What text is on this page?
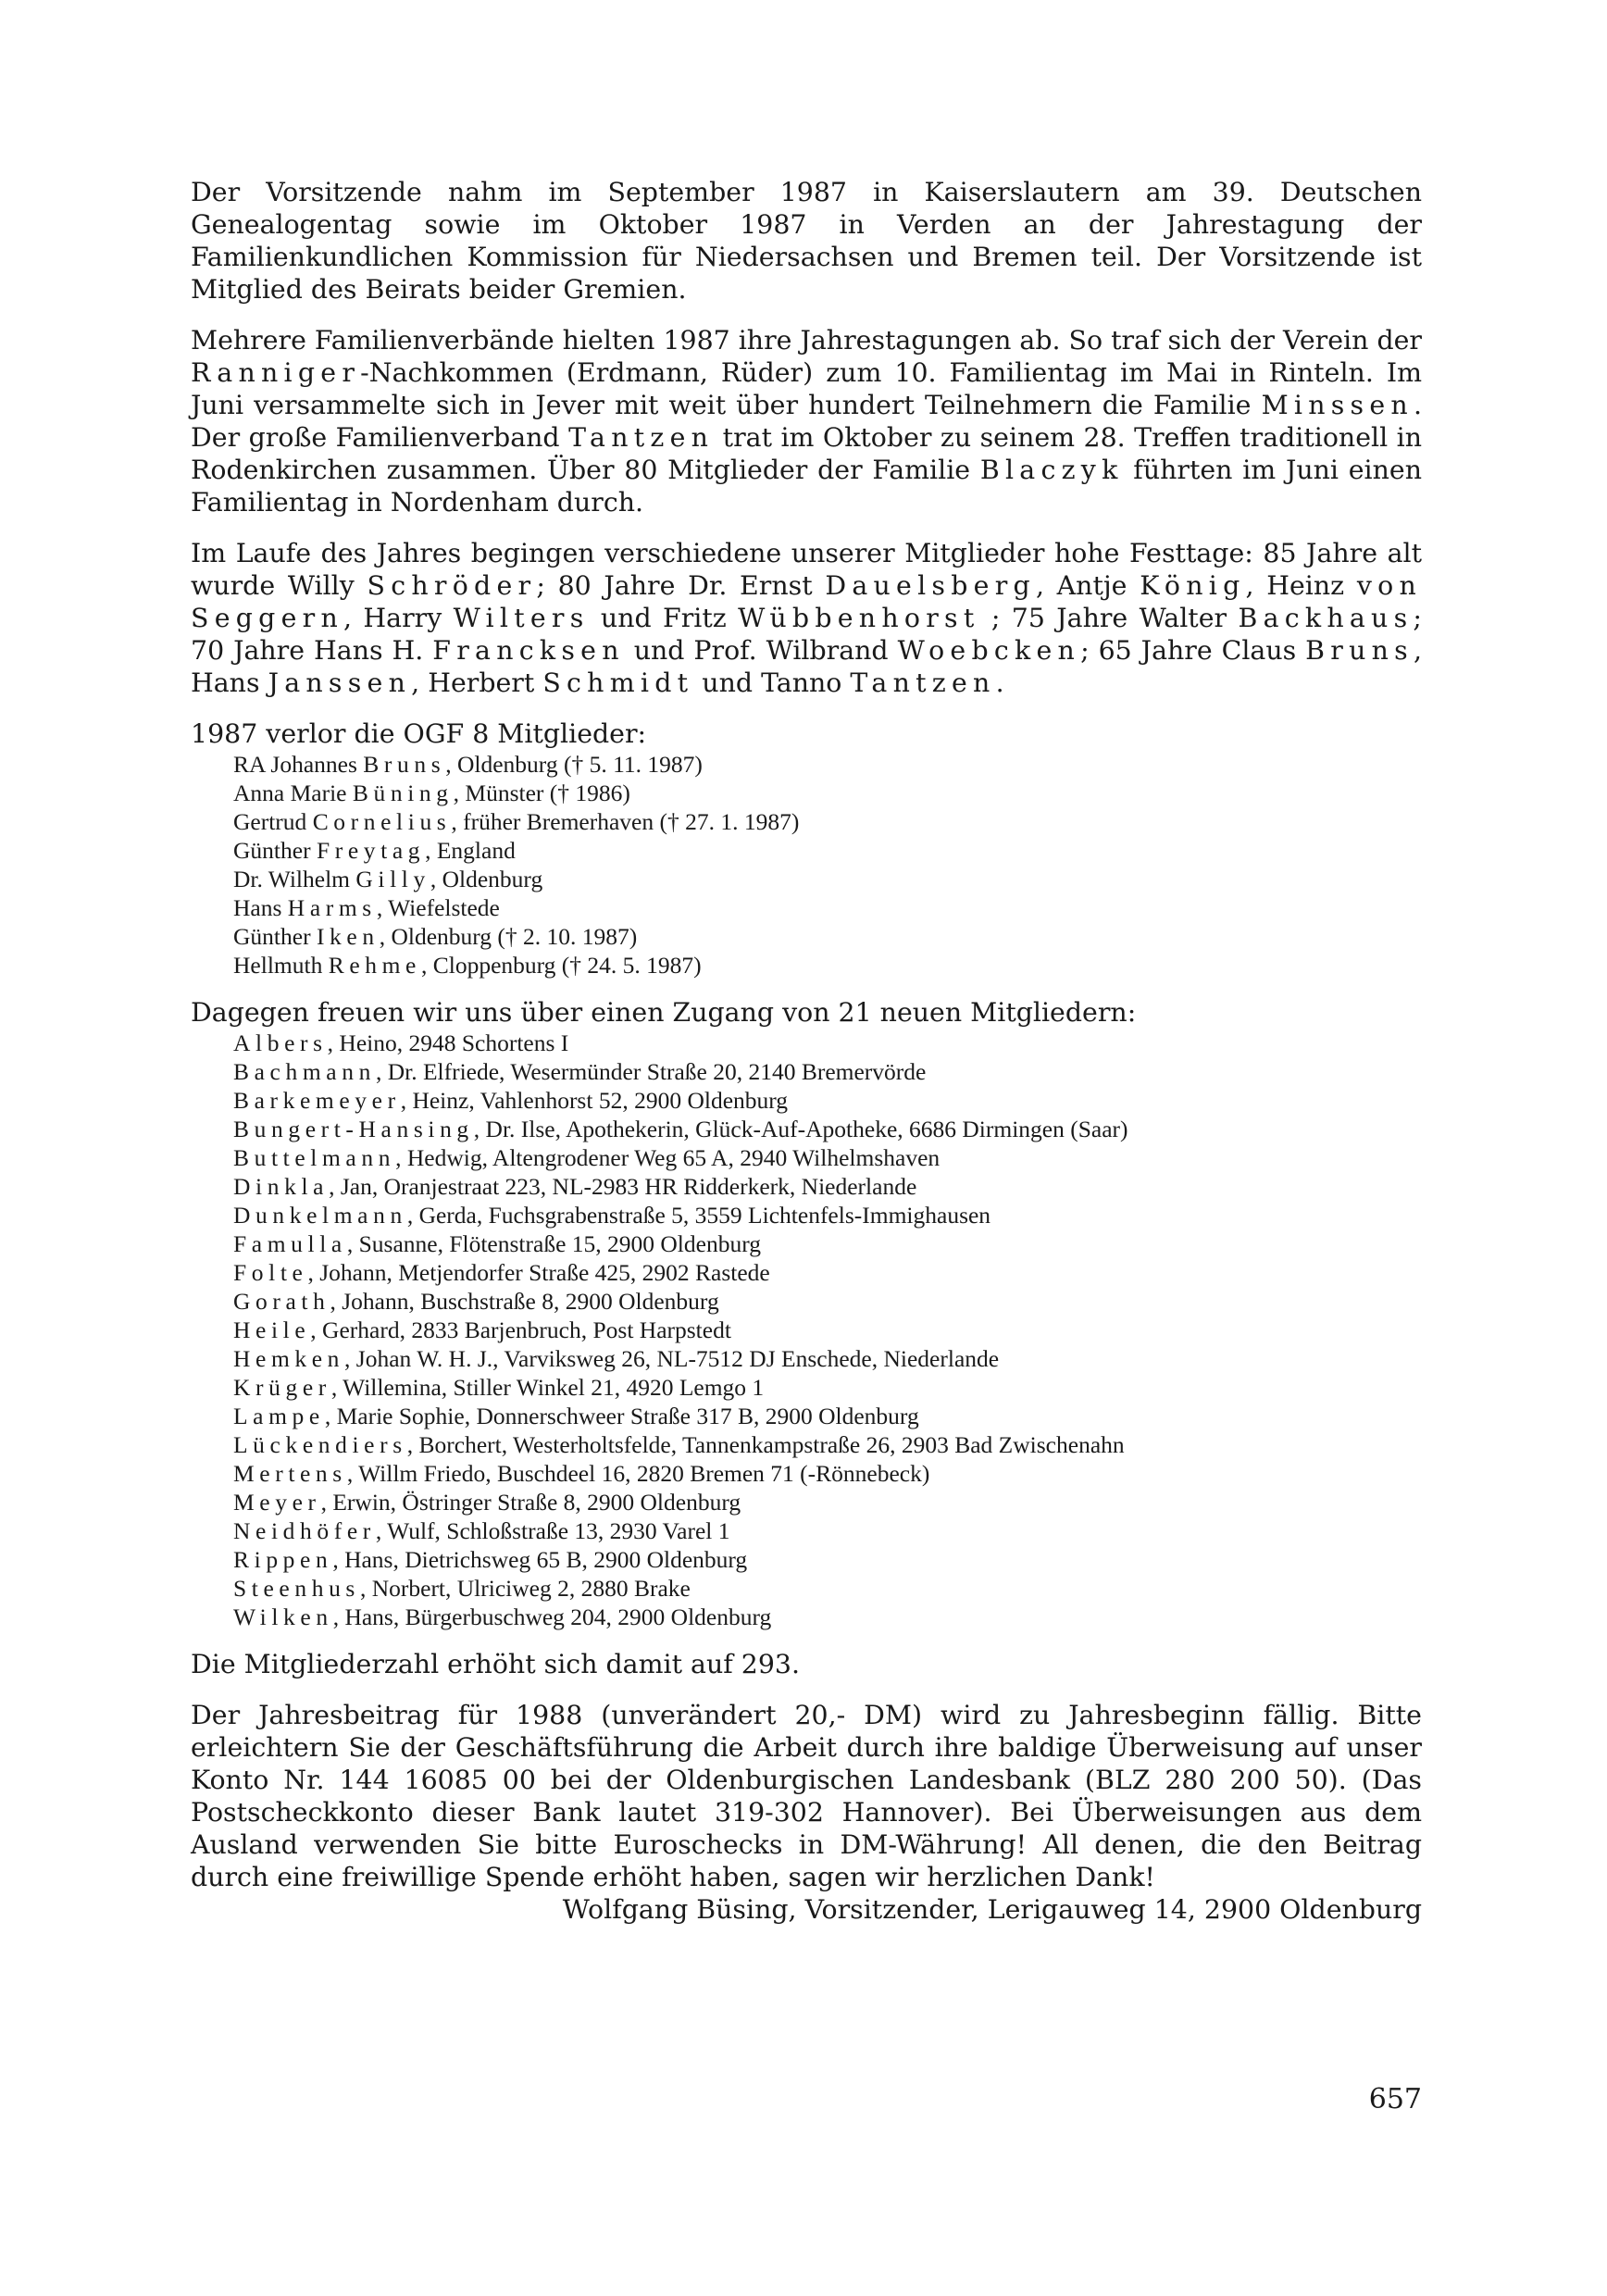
Der Vorsitzende nahm im September 1987 in Kaiserslautern am 39. Deutschen Genealogentag sowie im Oktober 1987 in Verden an der Jahrestagung der Familienkundlichen Kommission für Niedersachsen und Bremen teil. Der Vorsitzende ist Mitglied des Beirats beider Gremien.

Mehrere Familienverbände hielten 1987 ihre Jahrestagungen ab. So traf sich der Verein der Ranniger-Nachkommen (Erdmann, Rüder) zum 10. Familientag im Mai in Rinteln. Im Juni versammelte sich in Jever mit weit über hundert Teilnehmern die Familie Minssen. Der große Familienverband Tantzen trat im Oktober zu seinem 28. Treffen traditionell in Rodenkirchen zusammen. Über 80 Mitglieder der Familie Blaczyk führten im Juni einen Familientag in Nordenham durch.

Im Laufe des Jahres begingen verschiedene unserer Mitglieder hohe Festtage: 85 Jahre alt wurde Willy Schröder; 80 Jahre Dr. Ernst Dauelsberg, Antje König, Heinz von Seggern, Harry Wilters und Fritz Wübbenhorst ; 75 Jahre Walter Backhaus; 70 Jahre Hans H. Francksen und Prof. Wilbrand Woebcken; 65 Jahre Claus Bruns, Hans Janssen, Herbert Schmidt und Tanno Tantzen.

1987 verlor die OGF 8 Mitglieder:

RA Johannes Bruns, Oldenburg († 5. 11. 1987)
Anna Marie Büning, Münster († 1986)
Gertrud Cornelius, früher Bremerhaven († 27. 1. 1987)
Günther Freytag, England
Dr. Wilhelm Gilly, Oldenburg
Hans Harms, Wiefelstede
Günther Iken, Oldenburg († 2. 10. 1987)
Hellmuth Rehme, Cloppenburg († 24. 5. 1987)

Dagegen freuen wir uns über einen Zugang von 21 neuen Mitgliedern:

Albers, Heino, 2948 Schortens I
Bachmann, Dr. Elfriede, Wesermünder Straße 20, 2140 Bremervörde
Barkemeyer, Heinz, Vahlenhorst 52, 2900 Oldenburg
Bungert-Hansing, Dr. Ilse, Apothekerin, Glück-Auf-Apotheke, 6686 Dirmingen (Saar)
Buttelmann, Hedwig, Altengrodener Weg 65 A, 2940 Wilhelmshaven
Dinkla, Jan, Oranjestraat 223, NL-2983 HR Ridderkerk, Niederlande
Dunkelmann, Gerda, Fuchsgrabenstraße 5, 3559 Lichtenfels-Immighausen
Famulla, Susanne, Flötenstraße 15, 2900 Oldenburg
Folte, Johann, Metjendorfer Straße 425, 2902 Rastede
Gorath, Johann, Buschstraße 8, 2900 Oldenburg
Heile, Gerhard, 2833 Barjenbruch, Post Harpstedt
Hemken, Johan W. H. J., Varviksweg 26, NL-7512 DJ Enschede, Niederlande
Krüger, Willemina, Stiller Winkel 21, 4920 Lemgo 1
Lampe, Marie Sophie, Donnerschweer Straße 317 B, 2900 Oldenburg
Lückendiers, Borchert, Westerholtsfelde, Tannenkampstraße 26, 2903 Bad Zwischenahn
Mertens, Willm Friedo, Buschdeel 16, 2820 Bremen 71 (-Rönnebeck)
Meyer, Erwin, Östringer Straße 8, 2900 Oldenburg
Neidhöfer, Wulf, Schloßstraße 13, 2930 Varel 1
Rippen, Hans, Dietrichsweg 65 B, 2900 Oldenburg
Steenhus, Norbert, Ulriciweg 2, 2880 Brake
Wilken, Hans, Bürgerbuschweg 204, 2900 Oldenburg

Die Mitgliederzahl erhöht sich damit auf 293.

Der Jahresbeitrag für 1988 (unverändert 20,- DM) wird zu Jahresbeginn fällig. Bitte erleichtern Sie der Geschäftsführung die Arbeit durch ihre baldige Überweisung auf unser Konto Nr. 144 16085 00 bei der Oldenburgischen Landesbank (BLZ 280 200 50). (Das Postscheckkonto dieser Bank lautet 319-302 Hannover). Bei Überweisungen aus dem Ausland verwenden Sie bitte Euroschecks in DM-Währung! All denen, die den Beitrag durch eine freiwillige Spende erhöht haben, sagen wir herzlichen Dank!

Wolfgang Büsing, Vorsitzender, Lerigauweg 14, 2900 Oldenburg

657
